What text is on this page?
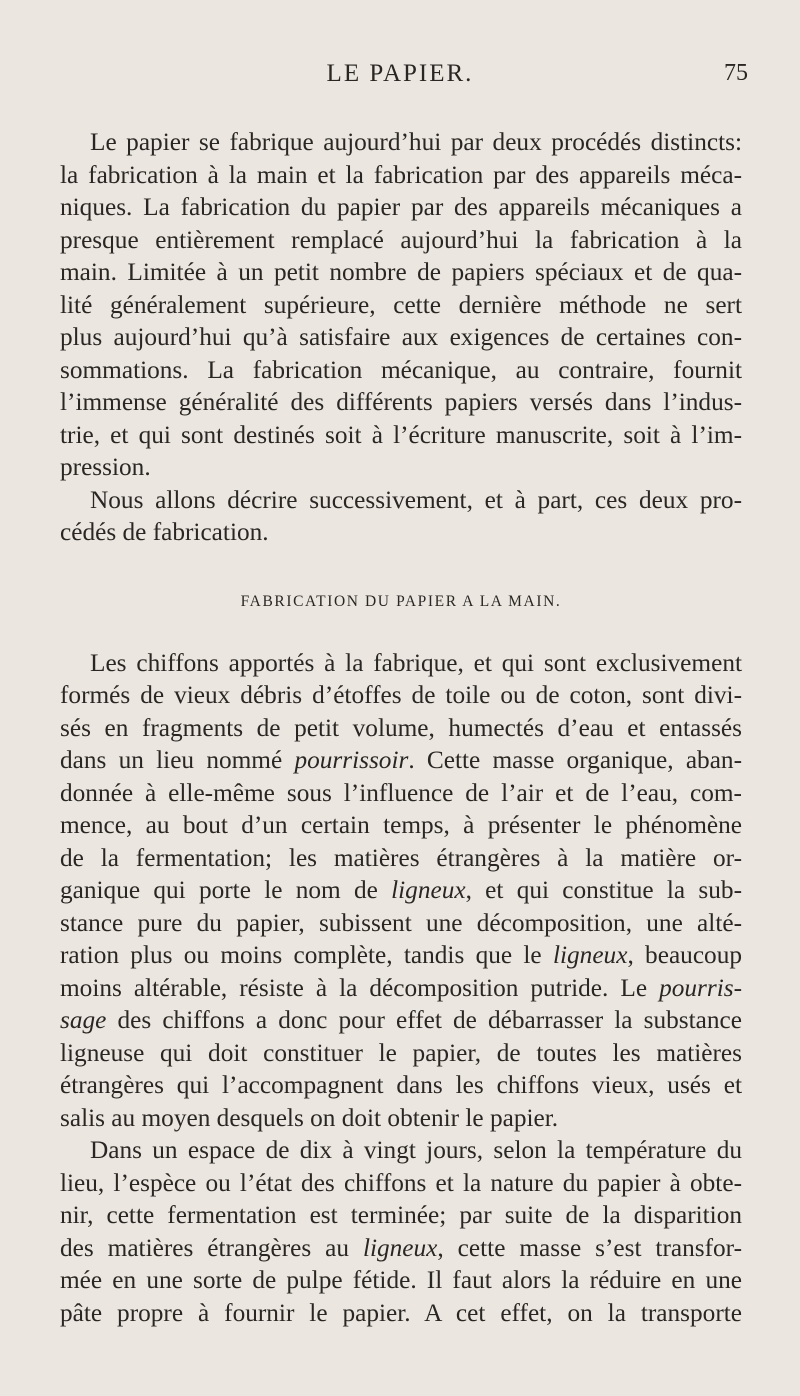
LE PAPIER.	75
Le papier se fabrique aujourd’hui par deux procédés distincts:
la fabrication à la main et la fabrication par des appareils méca-
niques. La fabrication du papier par des appareils mécaniques a
presque entièrement remplacé aujourd’hui la fabrication à la
main. Limitée à un petit nombre de papiers spéciaux et de qua-
lité généralement supérieure, cette dernière méthode ne sert
plus aujourd’hui qu’à satisfaire aux exigences de certaines con-
sommations. La fabrication mécanique, au contraire, fournit
l’immense généralité des différents papiers versés dans l’indus-
trie, et qui sont destinés soit à l’écriture manuscrite, soit à l’im-
pression.
Nous allons décrire successivement, et à part, ces deux pro-
cédés de fabrication.
FABRICATION DU PAPIER A LA MAIN.
Les chiffons apportés à la fabrique, et qui sont exclusivement
formés de vieux débris d’étoffes de toile ou de coton, sont divi-
sés en fragments de petit volume, humectés d’eau et entassés
dans un lieu nommé pourrissoir. Cette masse organique, aban-
donnée à elle-même sous l’influence de l’air et de l’eau, com-
mence, au bout d’un certain temps, à présenter le phénomène
de la fermentation; les matières étrangères à la matière or-
ganique qui porte le nom de ligneux, et qui constitue la sub-
stance pure du papier, subissent une décomposition, une alté-
ration plus ou moins complète, tandis que le ligneux, beaucoup
moins altérable, résiste à la décomposition putride. Le pourris-
sage des chiffons a donc pour effet de débarrasser la substance
ligneuse qui doit constituer le papier, de toutes les matières
étrangères qui l’accompagnent dans les chiffons vieux, usés et
salis au moyen desquels on doit obtenir le papier.
Dans un espace de dix à vingt jours, selon la température du
lieu, l’espèce ou l’état des chiffons et la nature du papier à obte-
nir, cette fermentation est terminée; par suite de la disparition
des matières étrangères au ligneux, cette masse s’est transfor-
mée en une sorte de pulpe fétide. Il faut alors la réduire en une
pâte propre à fournir le papier. A cet effet, on la transporte
